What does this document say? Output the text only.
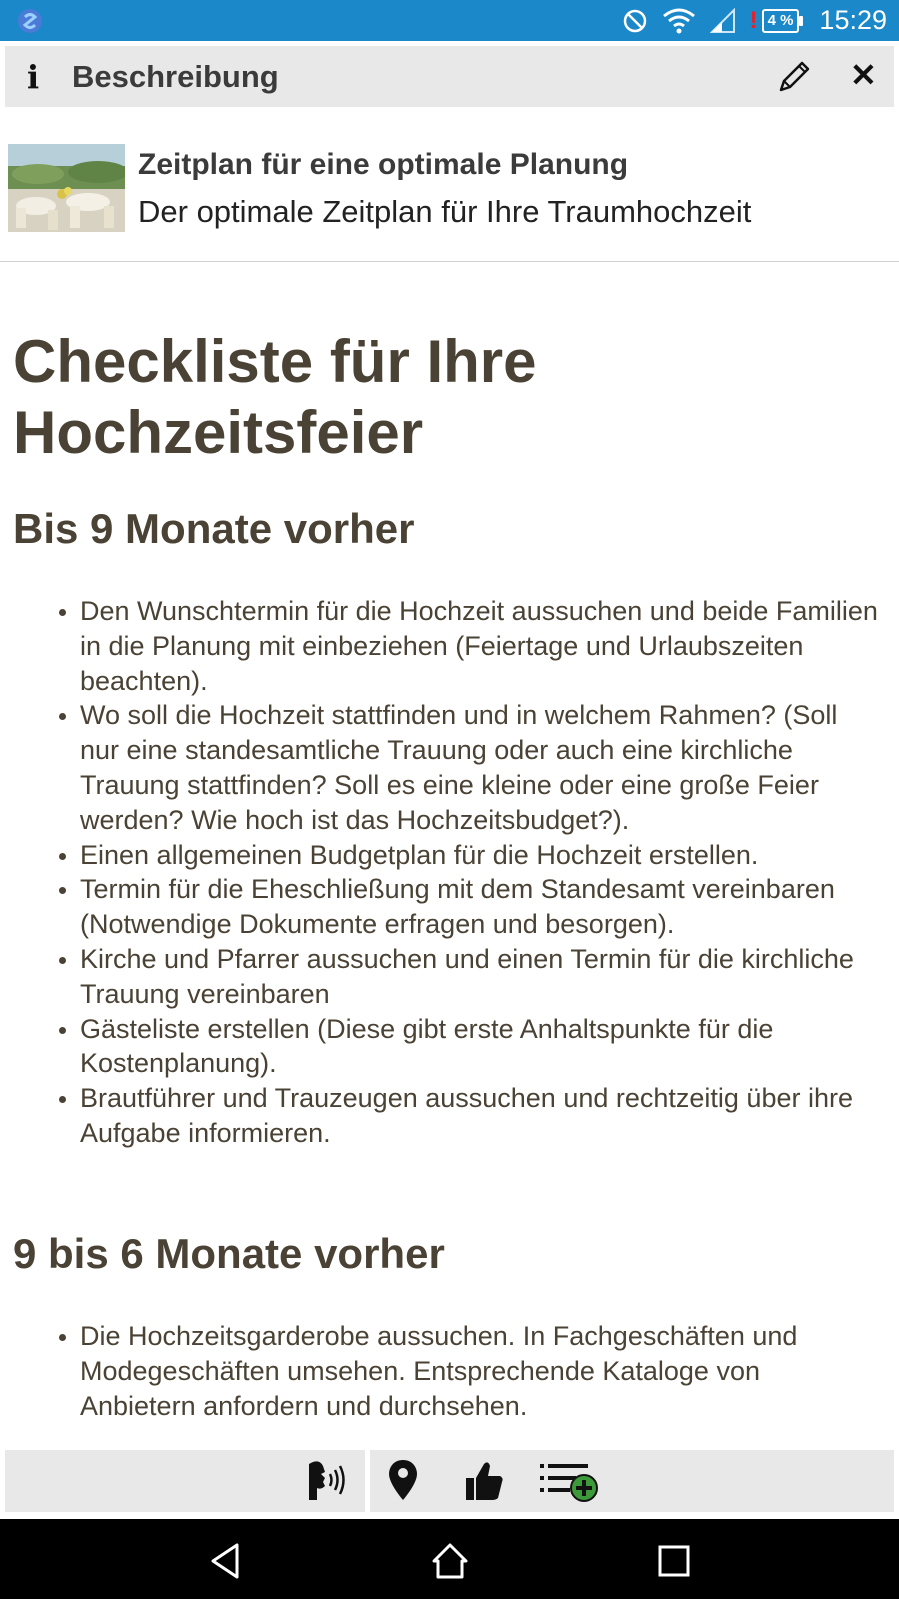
! 4 % 15:29
i Beschreibung	✕
Zeitplan für eine optimale Planung
Der optimale Zeitplan für Ihre Traumhochzeit
Checkliste für Ihre Hochzeitsfeier
Bis 9 Monate vorher
• Den Wunschtermin für die Hochzeit aussuchen und beide Familien in die Planung mit einbeziehen (Feiertage und Urlaubszeiten beachten).
• Wo soll die Hochzeit stattfinden und in welchem Rahmen? (Soll nur eine standesamtliche Trauung oder auch eine kirchliche Trauung stattfinden? Soll es eine kleine oder eine große Feier werden? Wie hoch ist das Hochzeitsbudget?).
• Einen allgemeinen Budgetplan für die Hochzeit erstellen.
• Termin für die Eheschließung mit dem Standesamt vereinbaren (Notwendige Dokumente erfragen und besorgen).
• Kirche und Pfarrer aussuchen und einen Termin für die kirchliche Trauung vereinbaren
• Gästeliste erstellen (Diese gibt erste Anhaltspunkte für die Kostenplanung).
• Brautführer und Trauzeugen aussuchen und rechtzeitig über ihre Aufgabe informieren.
9 bis 6 Monate vorher
• Die Hochzeitsgarderobe aussuchen. In Fachgeschäften und Modegeschäften umsehen. Entsprechende Kataloge von Anbietern anfordern und durchsehen.
